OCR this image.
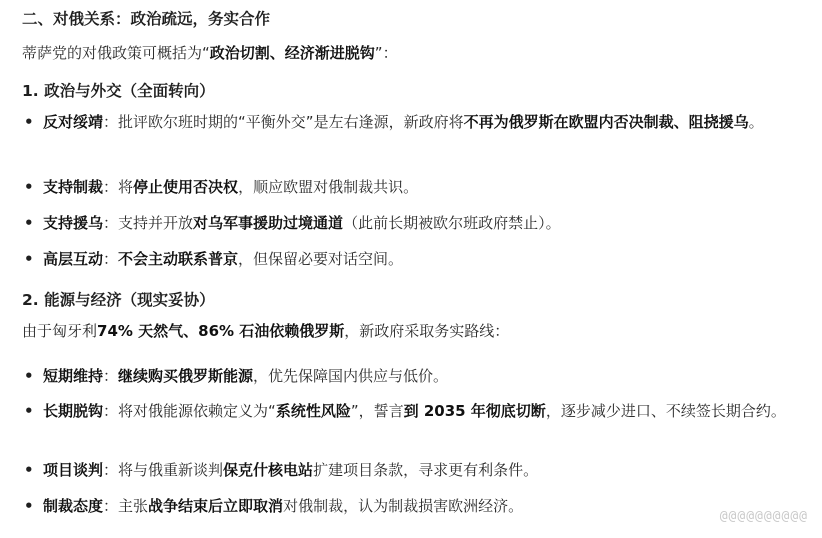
二、对俄关系：政治疏远，务实合作
蒂萨党的对俄政策可概括为“政治切割、经济渐进脱钩”：
1. 政治与外交（全面转向）
• 反对绥靖：批评欧尔班时期的“平衡外交”是左右逢源，新政府将不再为俄罗斯在欧盟内否决制裁、阻挠援乌。
• 支持制裁：将停止使用否决权，顺应欧盟对俄制裁共识。
• 支持援乌：支持并开放对乌军事援助过境通道（此前长期被欧尔班政府禁止）。
• 高层互动：不会主动联系普京，但保留必要对话空间。
2. 能源与经济（现实妥协）
由于匈牙利74% 天然气、86% 石油依赖俄罗斯，新政府采取务实路线：
• 短期维持：继续购买俄罗斯能源，优先保障国内供应与低价。
• 长期脱钩：将对俄能源依赖定义为“系统性风险”，誓言到 2035 年彻底切断，逐步减少进口、不续签长期合约。
• 项目谈判：将与俄重新谈判保克什核电站扩建项目条款，寻求更有利条件。
• 制裁态度：主张战争结束后立即取消对俄制裁，认为制裁损害欧洲经济。
@@@@@@@@@@
